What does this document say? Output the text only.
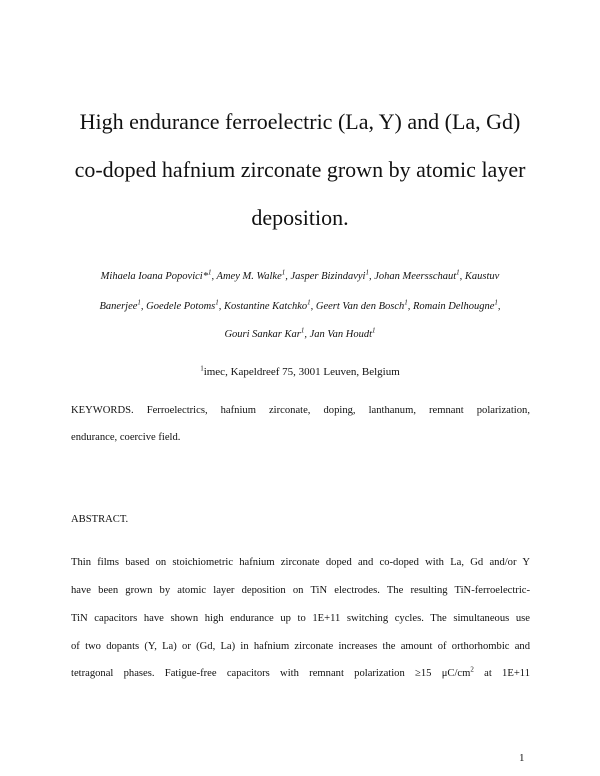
High endurance ferroelectric (La, Y) and (La, Gd)
co-doped hafnium zirconate grown by atomic layer
deposition.
Mihaela Ioana Popovici*$^1$, Amey M. Walke$^1$, Jasper Bizindavyi$^1$, Johan Meersschaut$^1$, Kaustuv
Banerjee$^1$, Goedele Potoms$^1$, Kostantine Katchko$^1$, Geert Van den Bosch$^1$, Romain Delhougne$^1$,
Gouri Sankar Kar$^1$, Jan Van Houdt$^1$
$^1$imec, Kapeldreef 75, 3001 Leuven, Belgium
KEYWORDS. Ferroelectrics, hafnium zirconate, doping, lanthanum, remnant polarization,
endurance, coercive field.
ABSTRACT.
Thin films based on stoichiometric hafnium zirconate doped and co-doped with La, Gd and/or Y
have been grown by atomic layer deposition on TiN electrodes. The resulting TiN-ferroelectric-
TiN capacitors have shown high endurance up to 1E+11 switching cycles. The simultaneous use
of two dopants (Y, La) or (Gd, La) in hafnium zirconate increases the amount of orthorhombic and
tetragonal phases. Fatigue-free capacitors with remnant polarization ≥15 $\mu C/cm^2$ at 1E+11
1
